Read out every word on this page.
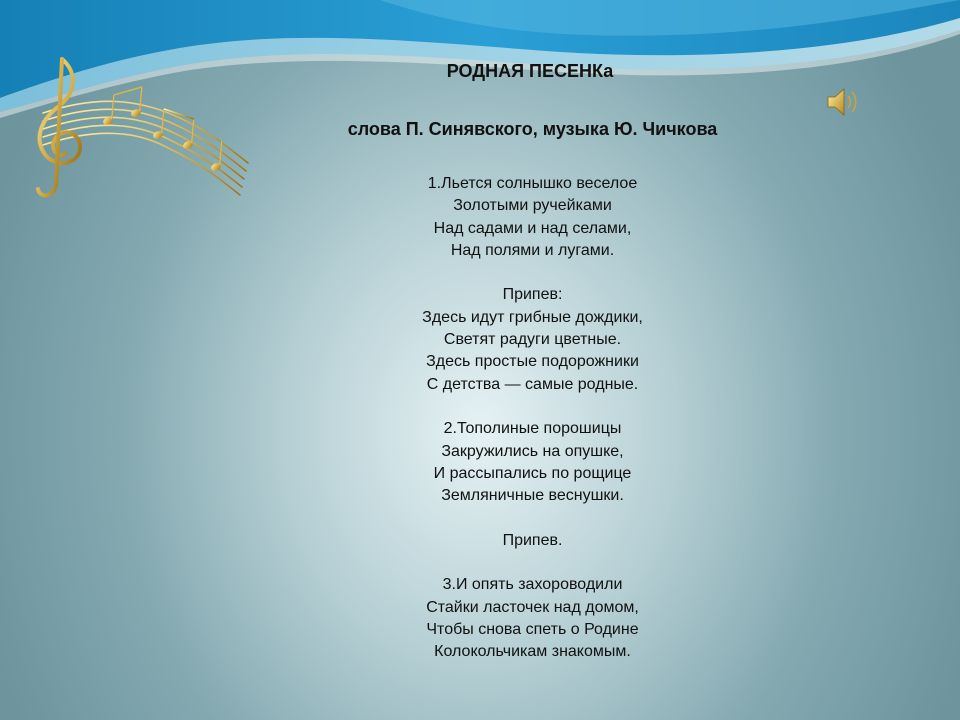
РОДНАЯ ПЕСЕНКа
слова П. Синявского, музыка Ю. Чичкова
1.Льется солнышко веселое
Золотыми ручейками
Над садами и над селами,
Над полями и лугами.
Припев:
Здесь идут грибные дождики,
Светят радуги цветные.
Здесь простые подорожники
С детства — самые родные.
2.Тополиные порошицы
Закружились на опушке,
И рассыпались по рощице
Земляничные веснушки.
Припев.
3.И опять захороводили
Стайки ласточек над домом,
Чтобы снова спеть о Родине
Колокольчикам знакомым.
